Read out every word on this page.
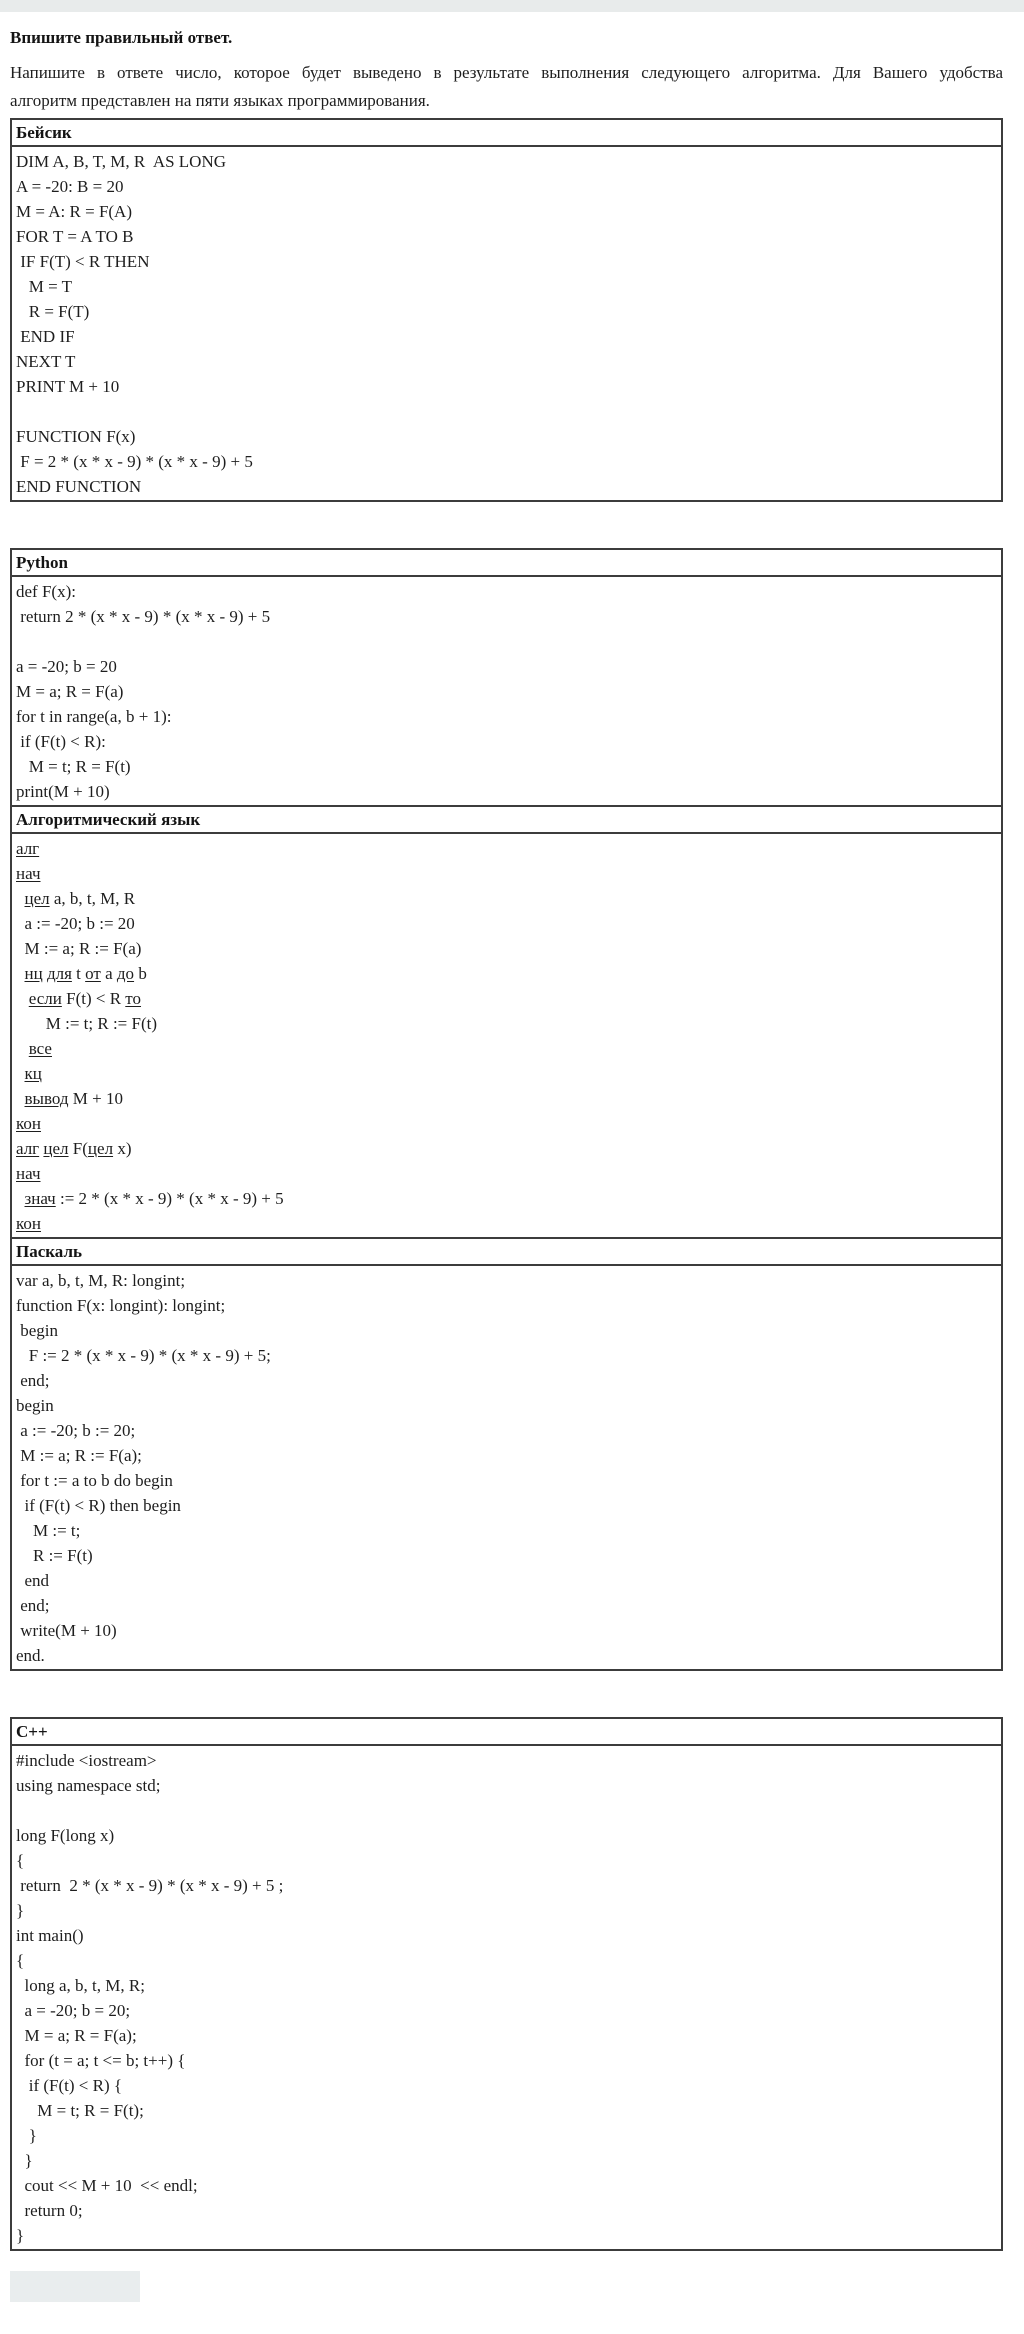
Впишите правильный ответ.
Напишите в ответе число, которое будет выведено в результате выполнения следующего алгоритма. Для Вашего удобства
алгоритм представлен на пяти языках программирования.
Бейсик
DIM A, B, T, M, R  AS LONG
A = -20: B = 20
M = A: R = F(A)
FOR T = A TO B
IF F(T) < R THEN
M = T
R = F(T)
END IF
NEXT T
PRINT M + 10

FUNCTION F(x)
F = 2 * (x * x - 9) * (x * x - 9) + 5
END FUNCTION
Python
def F(x):
return 2 * (x * x - 9) * (x * x - 9) + 5

a = -20; b = 20
M = a; R = F(a)
for t in range(a, b + 1):
if (F(t) < R):
M = t; R = F(t)
print(M + 10)
Алгоритмический язык
алг
нач
цел a, b, t, M, R
a := -20; b := 20
M := a; R := F(a)
нц для t от a до b
если F(t) < R то
M := t; R := F(t)
все
кц
вывод M + 10
кон
алг цел F(цел x)
нач
знач := 2 * (x * x - 9) * (x * x - 9) + 5
кон
Паскаль
var a, b, t, M, R: longint;
function F(x: longint): longint;
begin
F := 2 * (x * x - 9) * (x * x - 9) + 5;
end;
begin
a := -20; b := 20;
M := a; R := F(a);
for t := a to b do begin
if (F(t) < R) then begin
M := t;
R := F(t)
end
end;
write(M + 10)
end.
C++
#include <iostream>
using namespace std;

long F(long x)
{
return  2 * (x * x - 9) * (x * x - 9) + 5 ;
}
int main()
{
long a, b, t, M, R;
a = -20; b = 20;
M = a; R = F(a);
for (t = a; t <= b; t++) {
if (F(t) < R) {
M = t; R = F(t);
}
}
cout << M + 10  << endl;
return 0;
}
